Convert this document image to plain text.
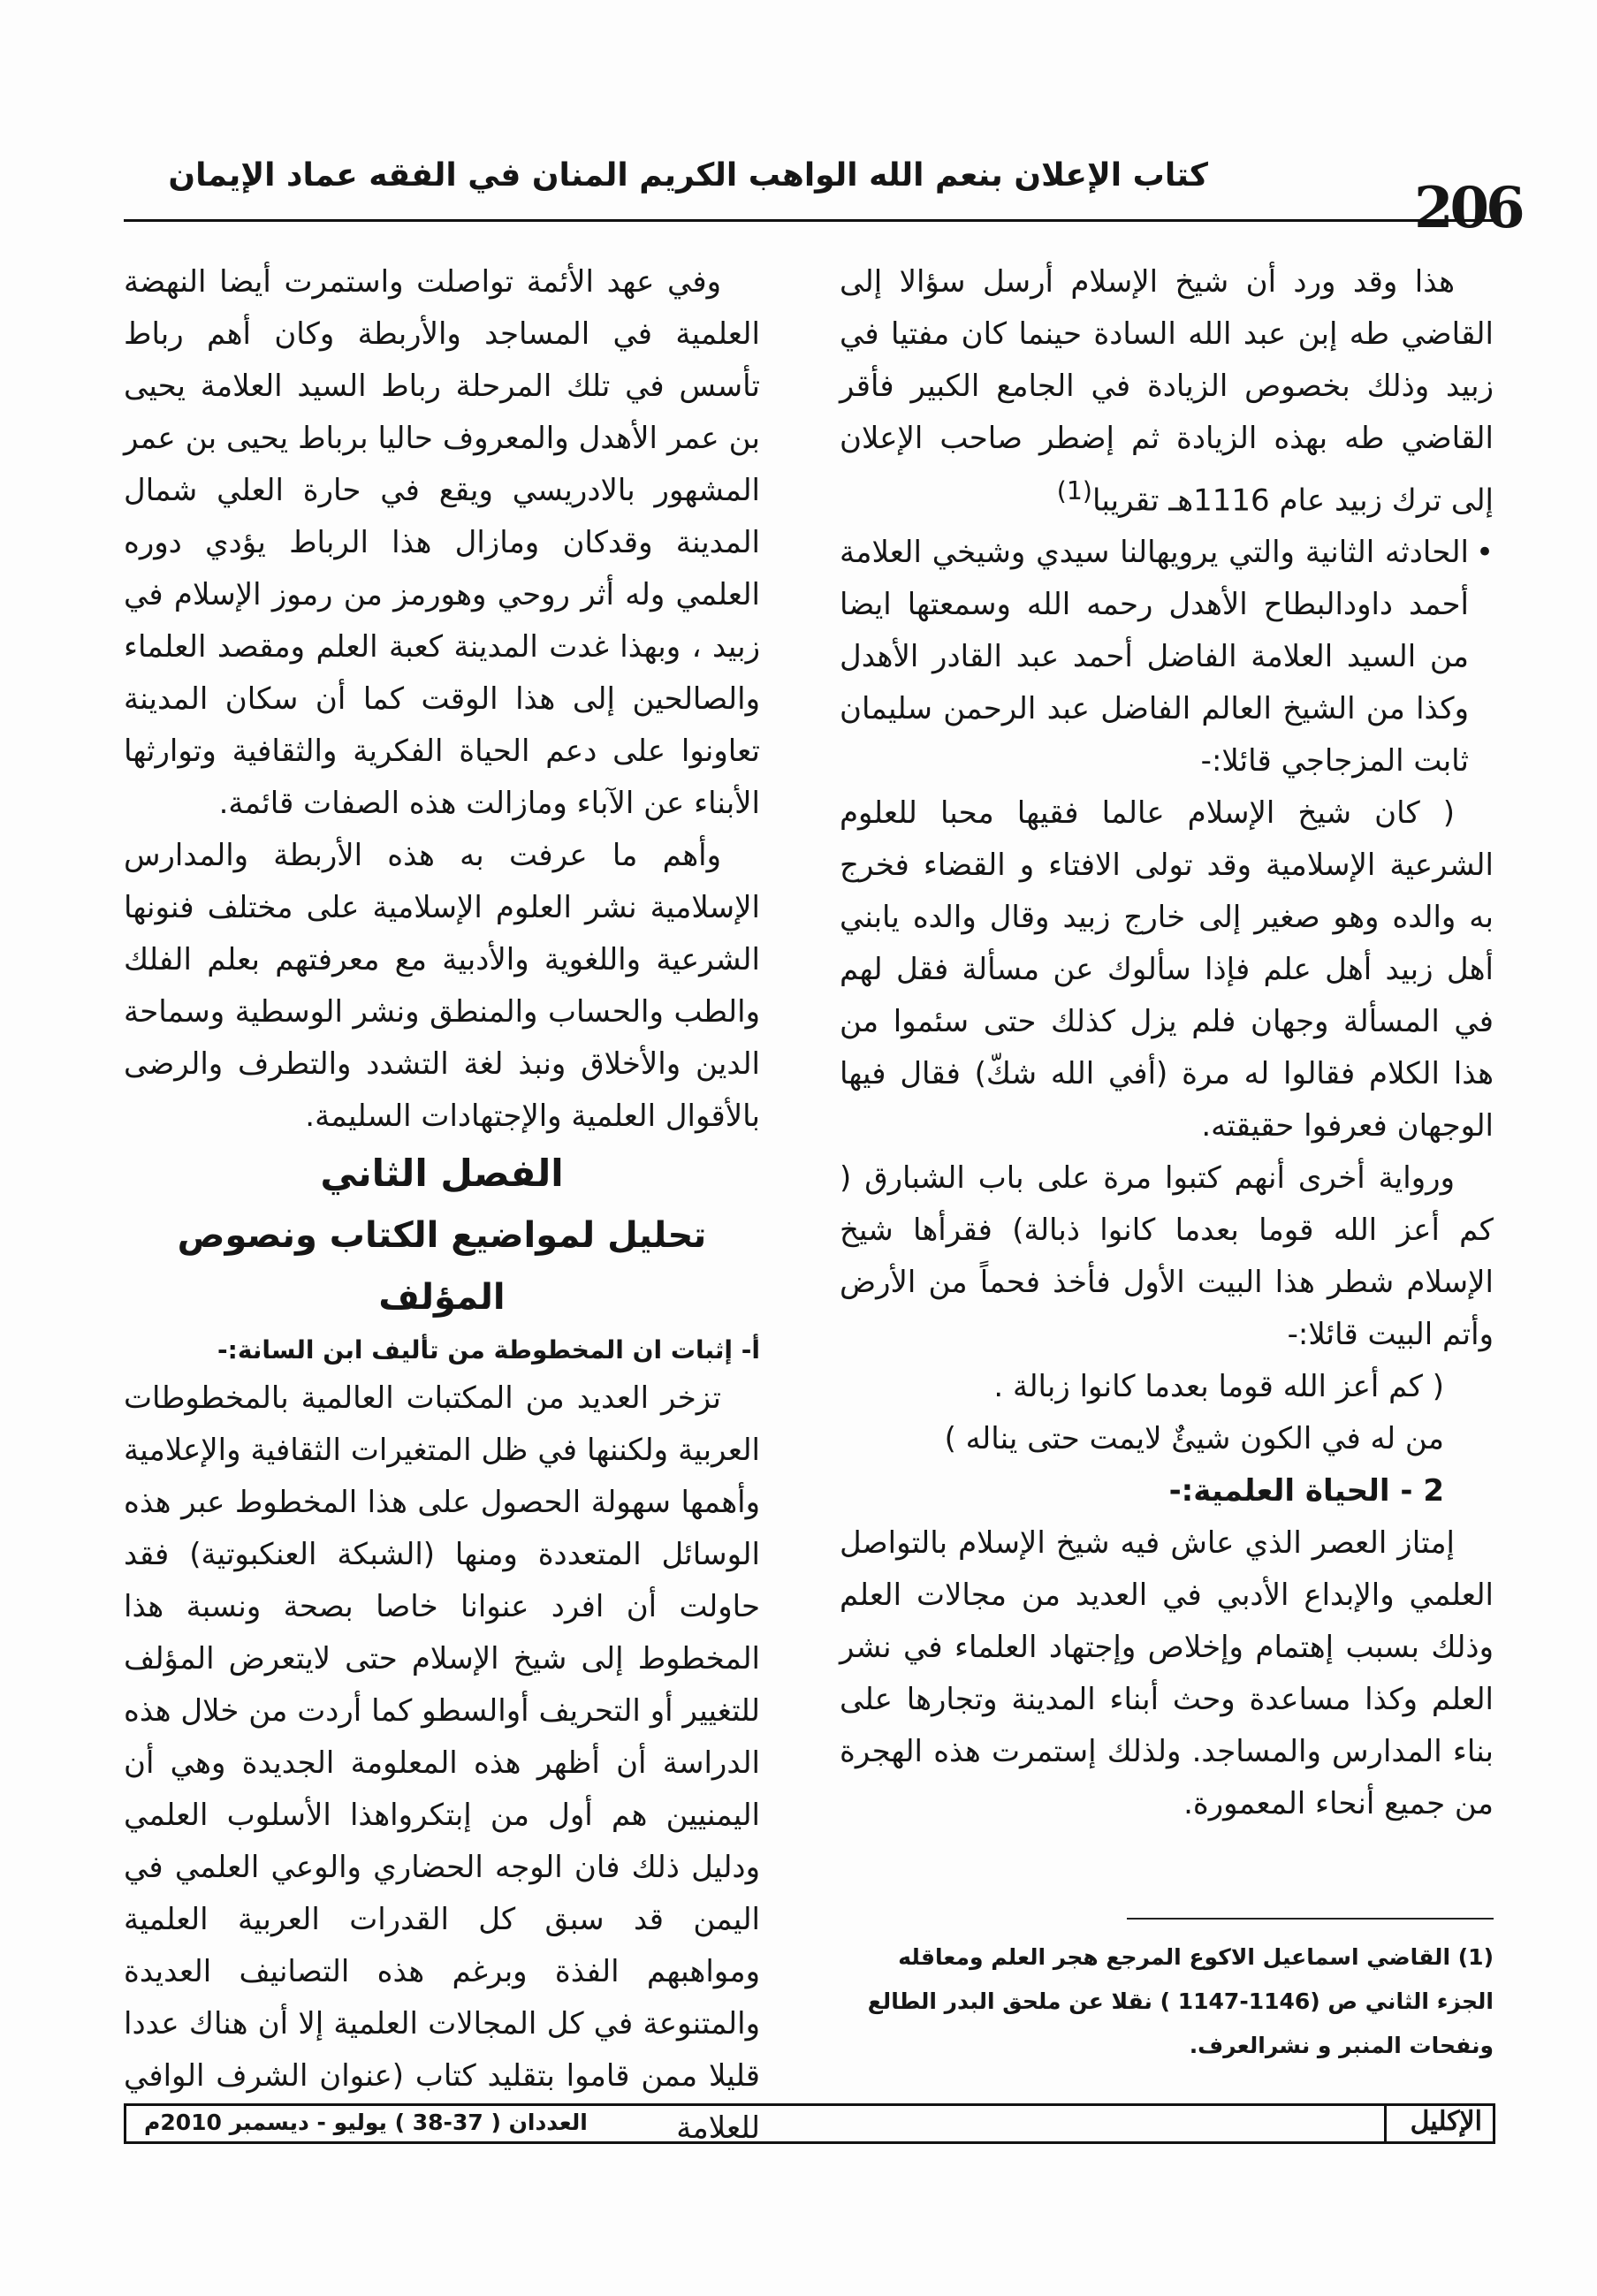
206
كتاب الإعلان بنعم الله الواهب الكريم المنان في الفقه عماد الإيمان

هذا وقد ورد أن شيخ الإسلام أرسل سؤالا إلى القاضي طه إبن عبد الله السادة حينما كان مفتيا في زبيد وذلك بخصوص الزيادة في الجامع الكبير فأقر القاضي طه بهذه الزيادة ثم إضطر صاحب الإعلان إلى ترك زبيد عام 1116هـ تقريبا$^{(1)}$

•

الحادثه الثانية والتي يرويهالنا سيدي وشيخي العلامة أحمد داودالبطاح الأهدل رحمه الله وسمعتها ايضا من السيد العلامة الفاضل أحمد عبد القادر الأهدل وكذا من الشيخ العالم الفاضل عبد الرحمن سليمان ثابت المزجاجي قائلا:-

( كان شيخ الإسلام عالما فقيها محبا للعلوم الشرعية الإسلامية وقد تولى الافتاء و القضاء فخرج به والده وهو صغير إلى خارج زبيد وقال والده يابني أهل زبيد أهل علم فإذا سألوك عن مسألة فقل لهم في المسألة وجهان فلم يزل كذلك حتى سئموا من هذا الكلام فقالوا له مرة (أفي الله شكّ) فقال فيها الوجهان فعرفوا حقيقته.

ورواية أخرى أنهم كتبوا مرة على باب الشبارق ( كم أعز الله قوما بعدما كانوا ذبالة) فقرأها شيخ الإسلام شطر هذا البيت الأول فأخذ فحماً من الأرض وأتم البيت قائلا:-

( كم أعز الله قوما بعدما كانوا زبالة .

من له في الكون شيئٌ لايمت حتى يناله )

2 - الحياة العلمية:-

إمتاز العصر الذي عاش فيه شيخ الإسلام بالتواصل العلمي والإبداع الأدبي في العديد من مجالات العلم وذلك بسبب إهتمام وإخلاص وإجتهاد العلماء في نشر العلم وكذا مساعدة وحث أبناء المدينة وتجارها على بناء المدارس والمساجد. ولذلك إستمرت هذه الهجرة من جميع أنحاء المعمورة.

وفي عهد الأئمة تواصلت واستمرت أيضا النهضة العلمية في المساجد والأربطة وكان أهم رباط تأسس في تلك المرحلة رباط السيد العلامة يحيى بن عمر الأهدل والمعروف حاليا برباط يحيى بن عمر المشهور بالادريسي ويقع في حارة العلي شمال المدينة وقدكان ومازال هذا الرباط يؤدي دوره العلمي وله أثر روحي وهورمز من رموز الإسلام في زبيد ، وبهذا غدت المدينة كعبة العلم ومقصد العلماء والصالحين إلى هذا الوقت كما أن سكان المدينة تعاونوا على دعم الحياة الفكرية والثقافية وتوارثها الأبناء عن الآباء ومازالت هذه الصفات قائمة.

وأهم ما عرفت به هذه الأربطة والمدارس الإسلامية نشر العلوم الإسلامية على مختلف فنونها الشرعية واللغوية والأدبية مع معرفتهم بعلم الفلك والطب والحساب والمنطق ونشر الوسطية وسماحة الدين والأخلاق ونبذ لغة التشدد والتطرف والرضى بالأقوال العلمية والإجتهادات السليمة.

الفصل الثاني

تحليل لمواضيع الكتاب ونصوص المؤلف

أ- إثبات ان المخطوطة من تأليف ابن السانة:-

تزخر العديد من المكتبات العالمية بالمخطوطات العربية ولكننها في ظل المتغيرات الثقافية والإعلامية وأهمها سهولة الحصول على هذا المخطوط عبر هذه الوسائل المتعددة ومنها (الشبكة العنكبوتية) فقد حاولت أن افرد عنوانا خاصا بصحة ونسبة هذا المخطوط إلى شيخ الإسلام حتى لايتعرض المؤلف للتغيير أو التحريف أوالسطو كما أردت من خلال هذه الدراسة أن أظهر هذه المعلومة الجديدة وهي أن اليمنيين هم أول من إبتكرواهذا الأسلوب العلمي ودليل ذلك فان الوجه الحضاري والوعي العلمي في اليمن قد سبق كل القدرات العربية العلمية ومواهبهم الفذة وبرغم هذه التصانيف العديدة والمتنوعة في كل المجالات العلمية إلا أن هناك عددا قليلا ممن قاموا بتقليد كتاب (عنوان الشرف الوافي للعلامة

(1) القاضي اسماعيل الاكوع المرجع هجر العلم ومعاقله الجزء الثاني ص (1146-1147 ) نقلا عن ملحق البدر الطالع ونفحات المنبر و نشرالعرف.
الإكليل
العددان ( 37-38 ) يوليو - ديسمبر 2010م
